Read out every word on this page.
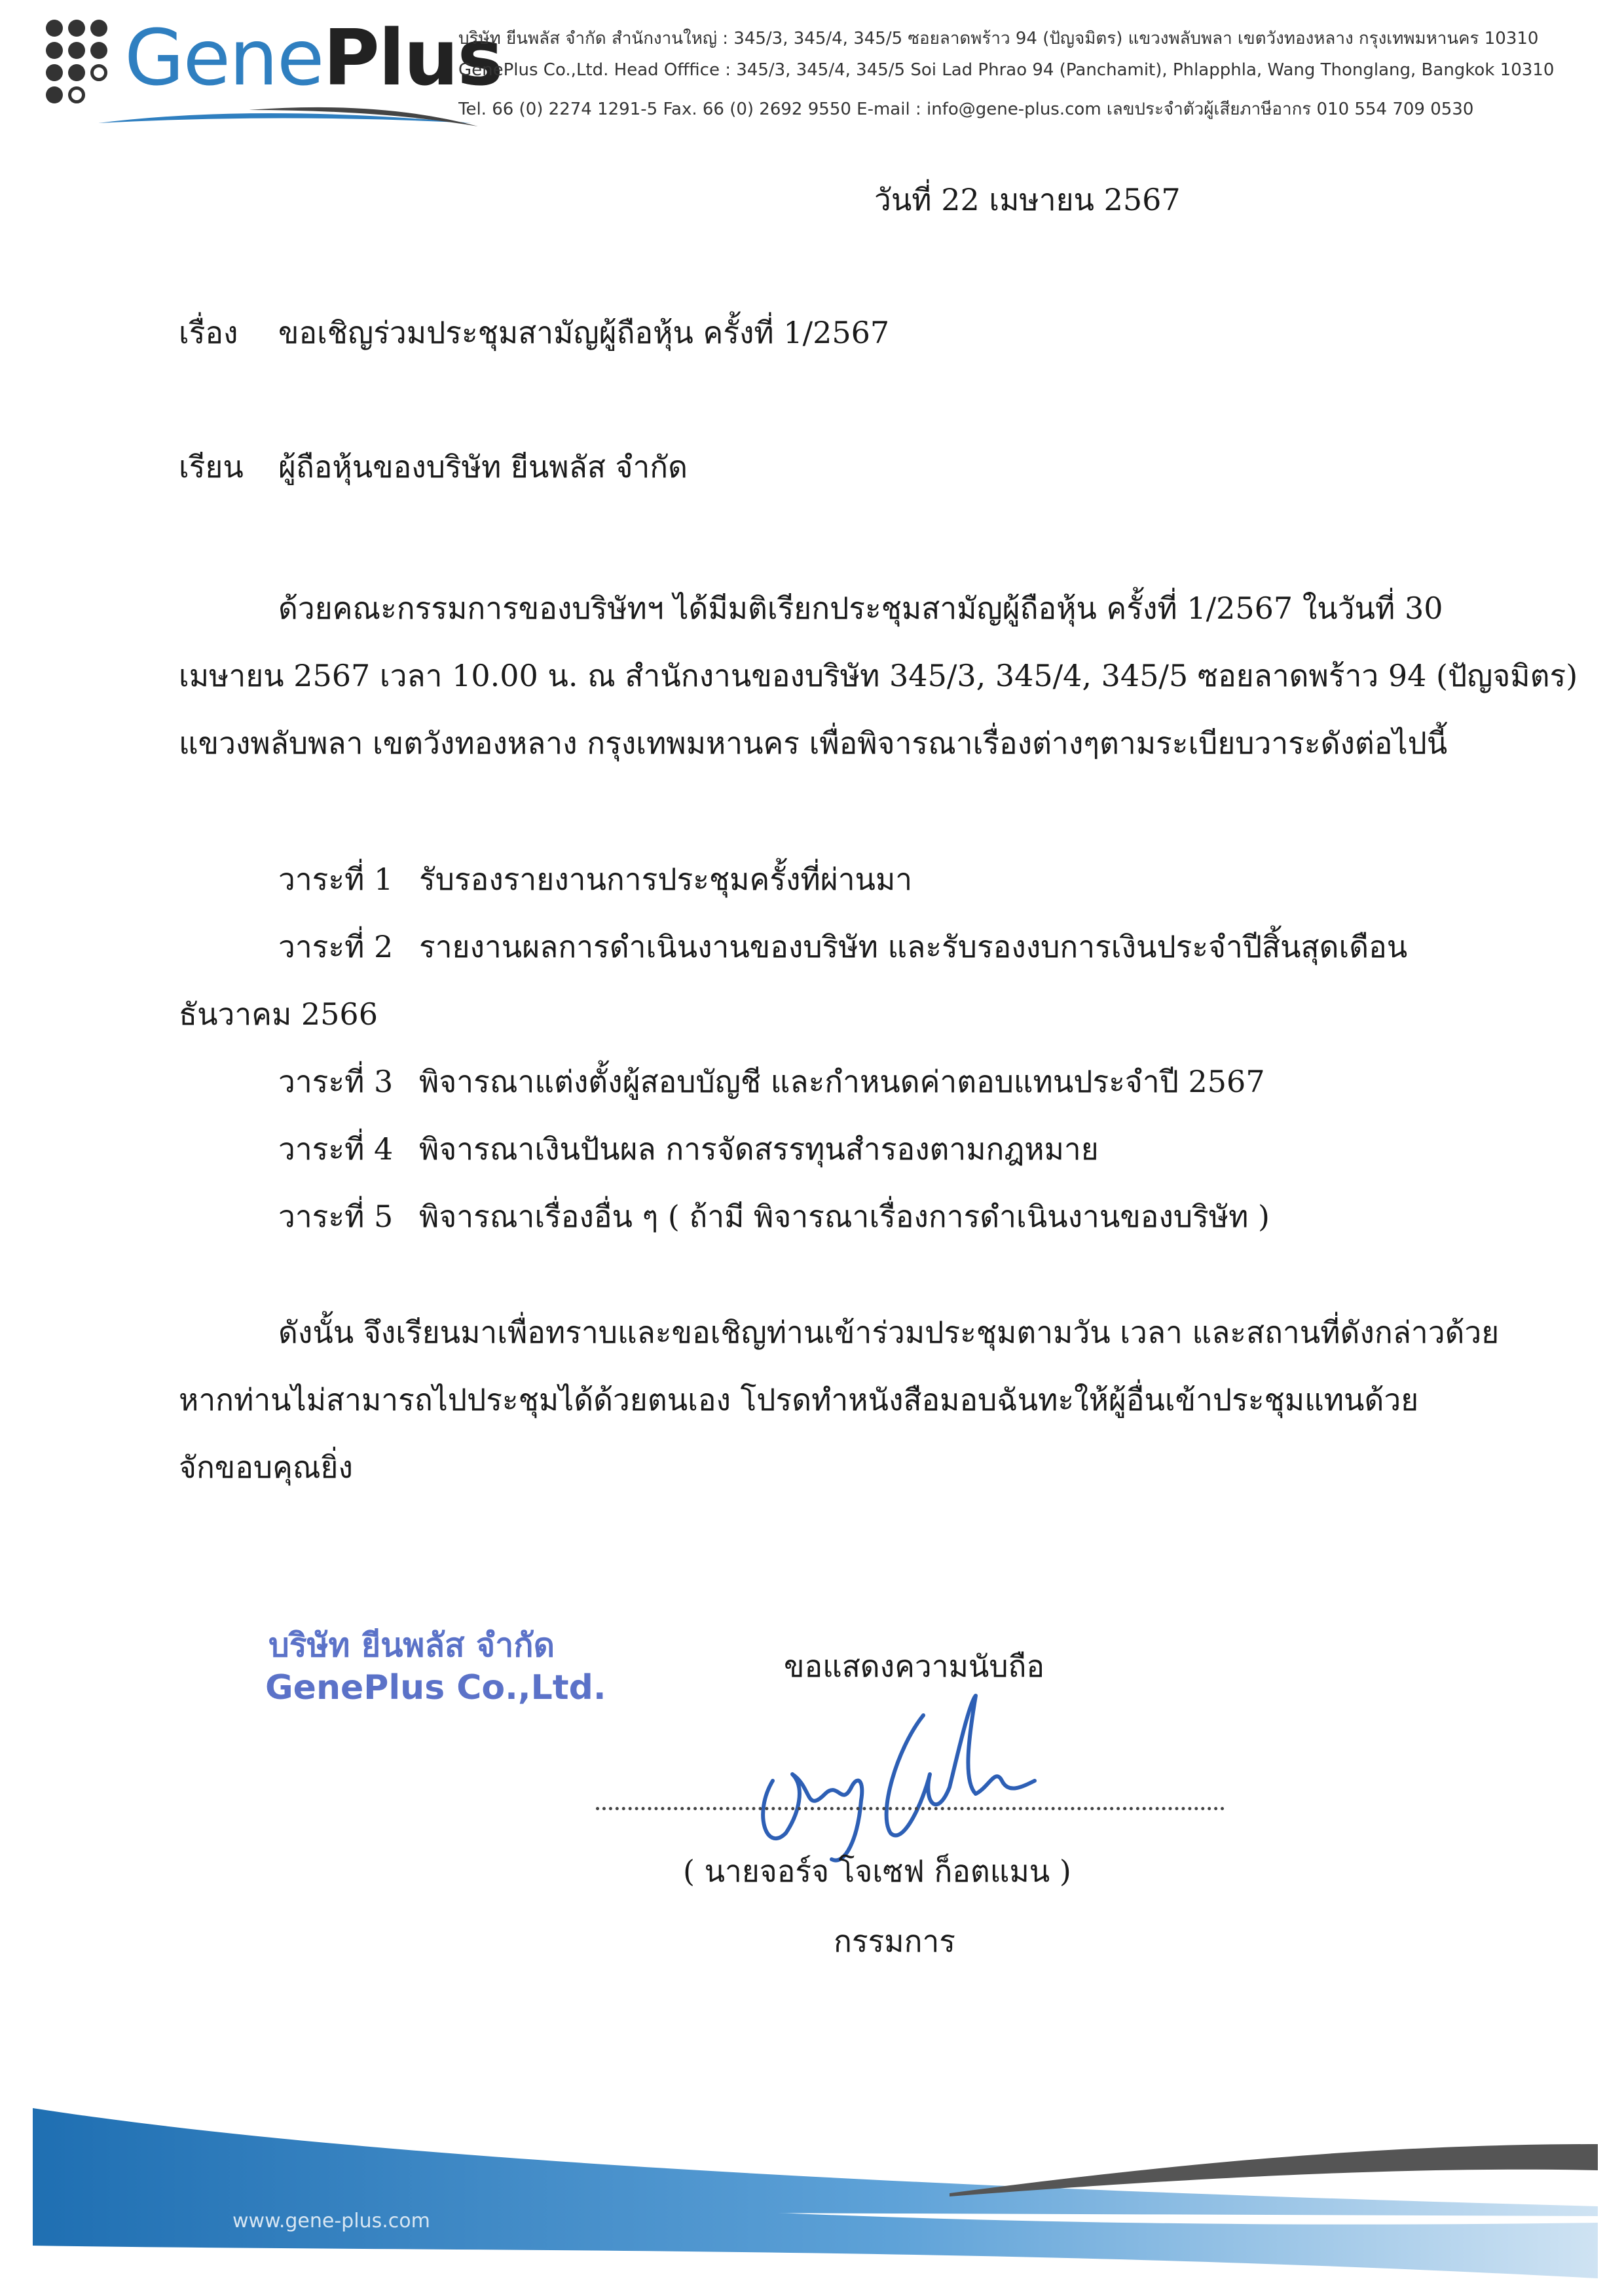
GenePlus
บริษัท ยีนพลัส จำกัด สำนักงานใหญ่ : 345/3, 345/4, 345/5 ซอยลาดพร้าว 94 (ปัญจมิตร) แขวงพลับพลา เขตวังทองหลาง กรุงเทพมหานคร 10310
GenePlus Co.,Ltd. Head Offfice : 345/3, 345/4, 345/5 Soi Lad Phrao 94 (Panchamit), Phlapphla, Wang Thonglang, Bangkok 10310
Tel. 66 (0) 2274 1291-5 Fax. 66 (0) 2692 9550 E-mail : info@gene-plus.com เลขประจำตัวผู้เสียภาษีอากร 010 554 709 0530
วันที่ 22 เมษายน 2567
เรื่อง ขอเชิญร่วมประชุมสามัญผู้ถือหุ้น ครั้งที่ 1/2567
เรียน ผู้ถือหุ้นของบริษัท ยีนพลัส จำกัด
ด้วยคณะกรรมการของบริษัทฯ ได้มีมติเรียกประชุมสามัญผู้ถือหุ้น ครั้งที่ 1/2567 ในวันที่ 30
เมษายน 2567 เวลา 10.00 น. ณ สำนักงานของบริษัท 345/3, 345/4, 345/5 ซอยลาดพร้าว 94 (ปัญจมิตร)
แขวงพลับพลา เขตวังทองหลาง กรุงเทพมหานคร เพื่อพิจารณาเรื่องต่างๆตามระเบียบวาระดังต่อไปนี้
วาระที่ 1 รับรองรายงานการประชุมครั้งที่ผ่านมา
วาระที่ 2 รายงานผลการดำเนินงานของบริษัท และรับรองงบการเงินประจำปีสิ้นสุดเดือน
ธันวาคม 2566
วาระที่ 3 พิจารณาแต่งตั้งผู้สอบบัญชี และกำหนดค่าตอบแทนประจำปี 2567
วาระที่ 4 พิจารณาเงินปันผล การจัดสรรทุนสำรองตามกฎหมาย
วาระที่ 5 พิจารณาเรื่องอื่น ๆ ( ถ้ามี พิจารณาเรื่องการดำเนินงานของบริษัท )
ดังนั้น จึงเรียนมาเพื่อทราบและขอเชิญท่านเข้าร่วมประชุมตามวัน เวลา และสถานที่ดังกล่าวด้วย
หากท่านไม่สามารถไปประชุมได้ด้วยตนเอง โปรดทำหนังสือมอบฉันทะให้ผู้อื่นเข้าประชุมแทนด้วย
จักขอบคุณยิ่ง
บริษัท ยีนพลัส จำกัด
GenePlus Co.,Ltd.
ขอแสดงความนับถือ
( นายจอร์จ โจเซฟ ก็อตแมน )
กรรมการ
www.gene-plus.com
